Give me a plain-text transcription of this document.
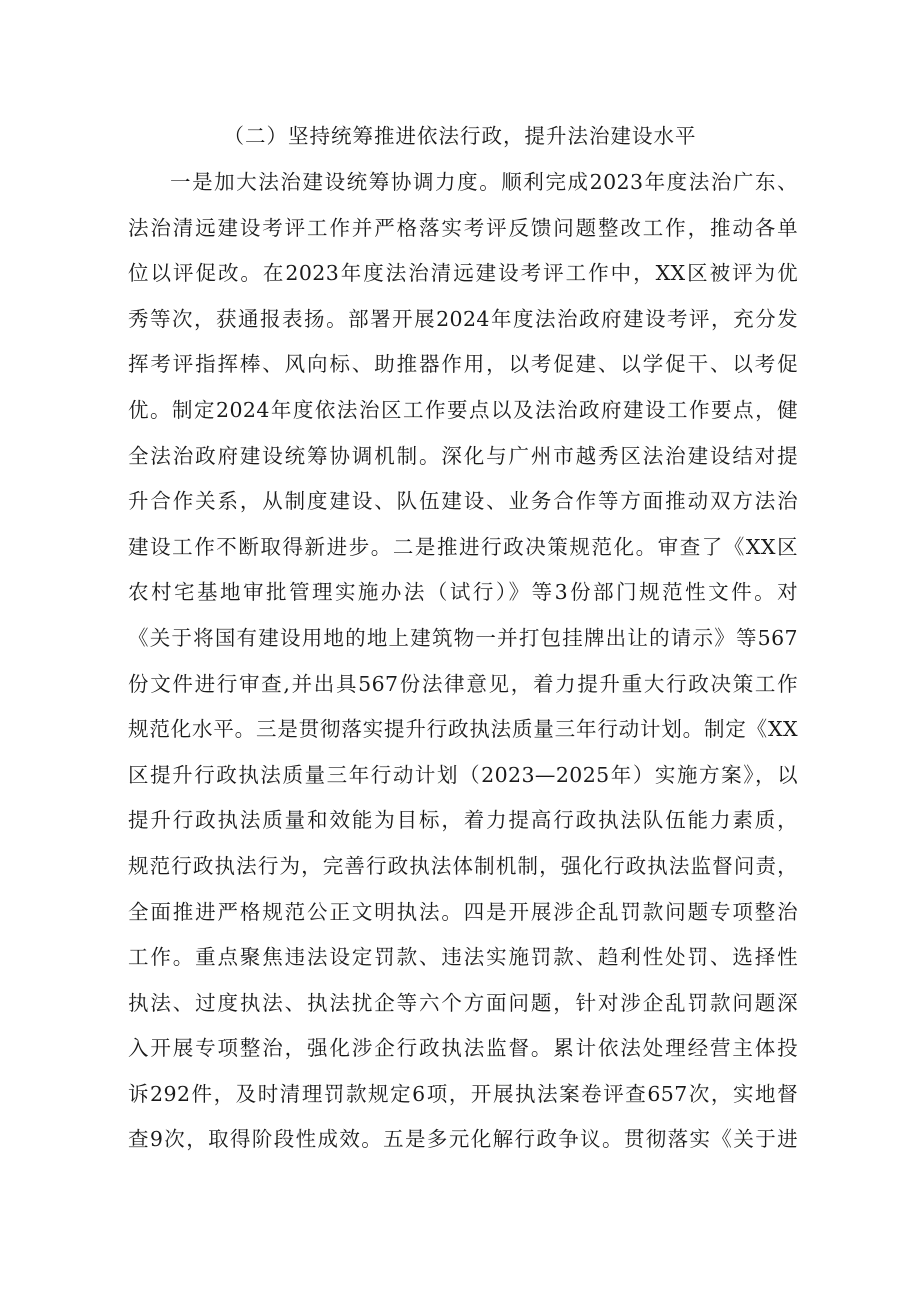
（二）坚持统筹推进依法行政，提升法治建设水平
一是加大法治建设统筹协调力度。顺利完成2023年度法治广东、
法治清远建设考评工作并严格落实考评反馈问题整改工作，推动各单
位以评促改。在2023年度法治清远建设考评工作中，XX区被评为优
秀等次，获通报表扬。部署开展2024年度法治政府建设考评，充分发
挥考评指挥棒、风向标、助推器作用，以考促建、以学促干、以考促
优。制定2024年度依法治区工作要点以及法治政府建设工作要点，健
全法治政府建设统筹协调机制。深化与广州市越秀区法治建设结对提
升合作关系，从制度建设、队伍建设、业务合作等方面推动双方法治
建设工作不断取得新进步。二是推进行政决策规范化。审查了《XX区
农村宅基地审批管理实施办法（试行）》等3份部门规范性文件。对
《关于将国有建设用地的地上建筑物一并打包挂牌出让的请示》等567
份文件进行审查,并出具567份法律意见，着力提升重大行政决策工作
规范化水平。三是贯彻落实提升行政执法质量三年行动计划。制定《XX
区提升行政执法质量三年行动计划（2023—2025年）实施方案》，以
提升行政执法质量和效能为目标，着力提高行政执法队伍能力素质，
规范行政执法行为，完善行政执法体制机制，强化行政执法监督问责，
全面推进严格规范公正文明执法。四是开展涉企乱罚款问题专项整治
工作。重点聚焦违法设定罚款、违法实施罚款、趋利性处罚、选择性
执法、过度执法、执法扰企等六个方面问题，针对涉企乱罚款问题深
入开展专项整治，强化涉企行政执法监督。累计依法处理经营主体投
诉292件，及时清理罚款规定6项，开展执法案卷评查657次，实地督
查9次，取得阶段性成效。五是多元化解行政争议。贯彻落实《关于进
